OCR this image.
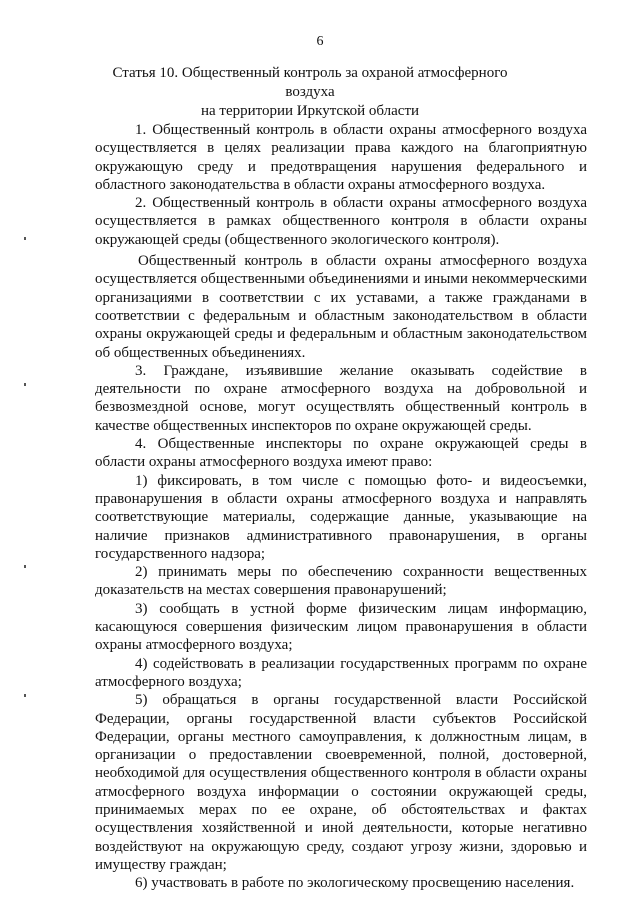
6
Статья 10. Общественный контроль за охраной атмосферного воздуха
на территории Иркутской области

1. Общественный контроль в области охраны атмосферного воздуха осуществляется в целях реализации права каждого на благоприятную окружающую среду и предотвращения нарушения федерального и областного законодательства в области охраны атмосферного воздуха.

2. Общественный контроль в области охраны атмосферного воздуха осуществляется в рамках общественного контроля в области охраны окружающей среды (общественного экологического контроля).

Общественный контроль в области охраны атмосферного воздуха осуществляется общественными объединениями и иными некоммерческими организациями в соответствии с их уставами, а также гражданами в соответствии с федеральным и областным законодательством в области охраны окружающей среды и федеральным и областным законодательством об общественных объединениях.

3. Граждане, изъявившие желание оказывать содействие в деятельности по охране атмосферного воздуха на добровольной и безвозмездной основе, могут осуществлять общественный контроль в качестве общественных инспекторов по охране окружающей среды.

4. Общественные инспекторы по охране окружающей среды в области охраны атмосферного воздуха имеют право:

1) фиксировать, в том числе с помощью фото- и видеосъемки, правонарушения в области охраны атмосферного воздуха и направлять соответствующие материалы, содержащие данные, указывающие на наличие признаков административного правонарушения, в органы государственного надзора;

2) принимать меры по обеспечению сохранности вещественных доказательств на местах совершения правонарушений;

3) сообщать в устной форме физическим лицам информацию, касающуюся совершения физическим лицом правонарушения в области охраны атмосферного воздуха;

4) содействовать в реализации государственных программ по охране атмосферного воздуха;

5) обращаться в органы государственной власти Российской Федерации, органы государственной власти субъектов Российской Федерации, органы местного самоуправления, к должностным лицам, в организации о предоставлении своевременной, полной, достоверной, необходимой для осуществления общественного контроля в области охраны атмосферного воздуха информации о состоянии окружающей среды, принимаемых мерах по ее охране, об обстоятельствах и фактах осуществления хозяйственной и иной деятельности, которые негативно воздействуют на окружающую среду, создают угрозу жизни, здоровью и имуществу граждан;

6) участвовать в работе по экологическому просвещению населения.
